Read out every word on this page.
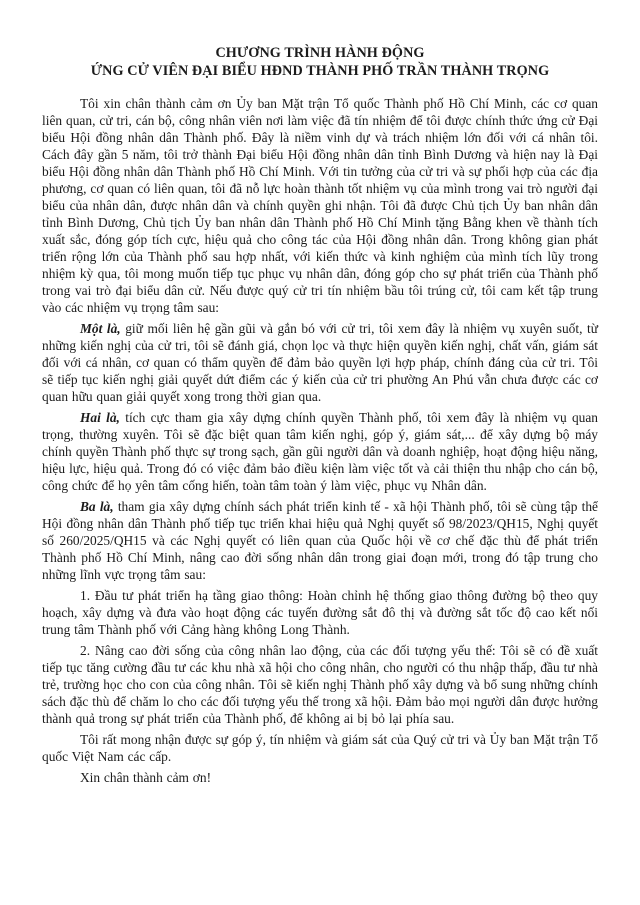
CHƯƠNG TRÌNH HÀNH ĐỘNG
ỨNG CỬ VIÊN ĐẠI BIỂU HĐND THÀNH PHỐ TRẦN THÀNH TRỌNG

Tôi xin chân thành cảm ơn Ủy ban Mặt trận Tổ quốc Thành phố Hồ Chí Minh, các cơ quan liên quan, cử tri, cán bộ, công nhân viên nơi làm việc đã tín nhiệm để tôi được chính thức ứng cử Đại biểu Hội đồng nhân dân Thành phố. Đây là niềm vinh dự và trách nhiệm lớn đối với cá nhân tôi. Cách đây gần 5 năm, tôi trở thành Đại biểu Hội đồng nhân dân tỉnh Bình Dương và hiện nay là Đại biểu Hội đồng nhân dân Thành phố Hồ Chí Minh. Với tin tưởng của cử tri và sự phối hợp của các địa phương, cơ quan có liên quan, tôi đã nỗ lực hoàn thành tốt nhiệm vụ của mình trong vai trò người đại biểu của nhân dân, được nhân dân và chính quyền ghi nhận. Tôi đã được Chủ tịch Ủy ban nhân dân tỉnh Bình Dương, Chủ tịch Ủy ban nhân dân Thành phố Hồ Chí Minh tặng Bằng khen về thành tích xuất sắc, đóng góp tích cực, hiệu quả cho công tác của Hội đồng nhân dân. Trong không gian phát triển rộng lớn của Thành phố sau hợp nhất, với kiến thức và kinh nghiệm của mình tích lũy trong nhiệm kỳ qua, tôi mong muốn tiếp tục phục vụ nhân dân, đóng góp cho sự phát triển của Thành phố trong vai trò đại biểu dân cử. Nếu được quý cử tri tín nhiệm bầu tôi trúng cử, tôi cam kết tập trung vào các nhiệm vụ trọng tâm sau:

Một là, giữ mối liên hệ gần gũi và gắn bó với cử tri, tôi xem đây là nhiệm vụ xuyên suốt, từ những kiến nghị của cử tri, tôi sẽ đánh giá, chọn lọc và thực hiện quyền kiến nghị, chất vấn, giám sát đối với cá nhân, cơ quan có thẩm quyền để đảm bảo quyền lợi hợp pháp, chính đáng của cử tri. Tôi sẽ tiếp tục kiến nghị giải quyết dứt điểm các ý kiến của cử tri phường An Phú vẫn chưa được các cơ quan hữu quan giải quyết xong trong thời gian qua.

Hai là, tích cực tham gia xây dựng chính quyền Thành phố, tôi xem đây là nhiệm vụ quan trọng, thường xuyên. Tôi sẽ đặc biệt quan tâm kiến nghị, góp ý, giám sát,... để xây dựng bộ máy chính quyền Thành phố thực sự trong sạch, gần gũi người dân và doanh nghiệp, hoạt động hiệu năng, hiệu lực, hiệu quả. Trong đó có việc đảm bảo điều kiện làm việc tốt và cải thiện thu nhập cho cán bộ, công chức để họ yên tâm cống hiến, toàn tâm toàn ý làm việc, phục vụ Nhân dân.

Ba là, tham gia xây dựng chính sách phát triển kinh tế - xã hội Thành phố, tôi sẽ cùng tập thể Hội đồng nhân dân Thành phố tiếp tục triển khai hiệu quả Nghị quyết số 98/2023/QH15, Nghị quyết số 260/2025/QH15 và các Nghị quyết có liên quan của Quốc hội về cơ chế đặc thù để phát triển Thành phố Hồ Chí Minh, nâng cao đời sống nhân dân trong giai đoạn mới, trong đó tập trung cho những lĩnh vực trọng tâm sau:

1. Đầu tư phát triển hạ tầng giao thông: Hoàn chỉnh hệ thống giao thông đường bộ theo quy hoạch, xây dựng và đưa vào hoạt động các tuyến đường sắt đô thị và đường sắt tốc độ cao kết nối trung tâm Thành phố với Cảng hàng không Long Thành.

2. Nâng cao đời sống của công nhân lao động, của các đối tượng yếu thế: Tôi sẽ có đề xuất tiếp tục tăng cường đầu tư các khu nhà xã hội cho công nhân, cho người có thu nhập thấp, đầu tư nhà trẻ, trường học cho con của công nhân. Tôi sẽ kiến nghị Thành phố xây dựng và bổ sung những chính sách đặc thù để chăm lo cho các đối tượng yếu thế trong xã hội. Đảm bảo mọi người dân được hưởng thành quả trong sự phát triển của Thành phố, để không ai bị bỏ lại phía sau.

Tôi rất mong nhận được sự góp ý, tín nhiệm và giám sát của Quý cử tri và Ủy ban Mặt trận Tổ quốc Việt Nam các cấp.

Xin chân thành cảm ơn!
